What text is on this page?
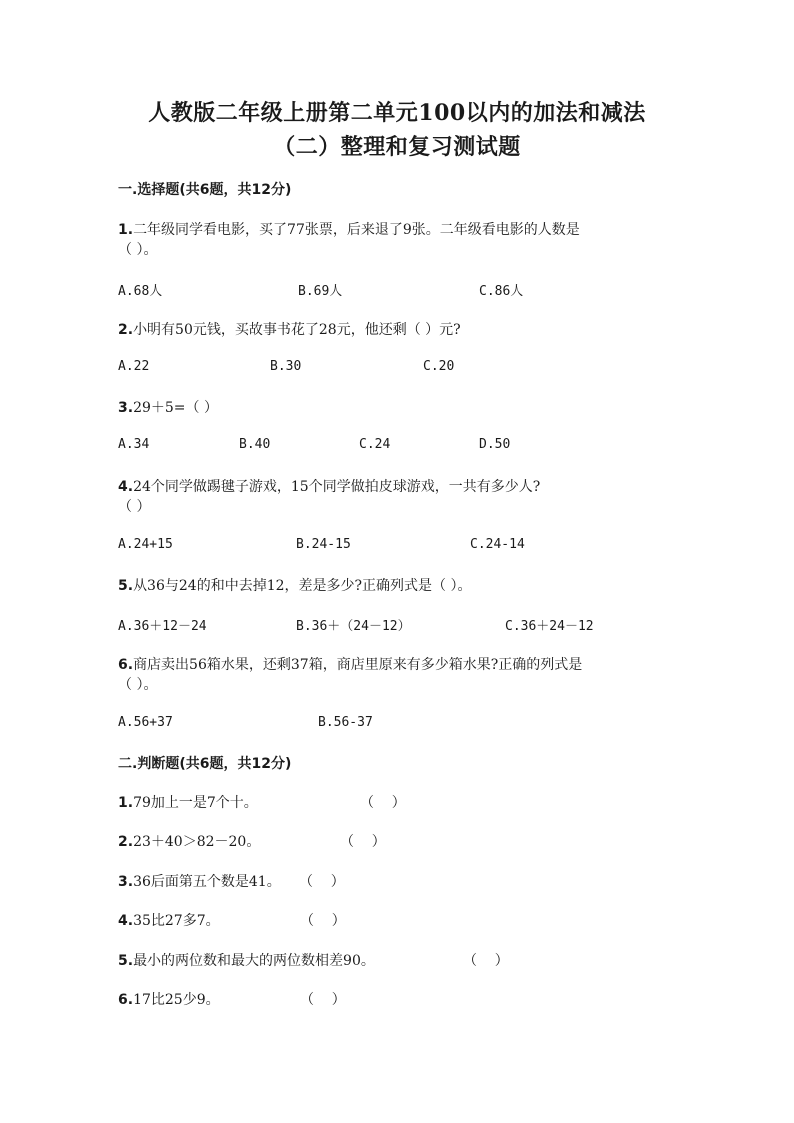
人教版二年级上册第二单元100以内的加法和减法
（二）整理和复习测试题
一.选择题(共6题，共12分)
1.二年级同学看电影，买了77张票，后来退了9张。二年级看电影的人数是
（ ）。
A.68人	B.69人	C.86人
2.小明有50元钱，买故事书花了28元，他还剩（ ）元?
A.22	B.30	C.20
3.29＋5=（ ）
A.34	B.40	C.24	D.50
4.24个同学做踢毽子游戏，15个同学做拍皮球游戏，一共有多少人?
（ ）
A.24+15	B.24-15	C.24-14
5.从36与24的和中去掉12，差是多少?正确列式是（ ）。
A.36＋12－24	B.36＋（24－12）	C.36＋24－12
6.商店卖出56箱水果，还剩37箱，商店里原来有多少箱水果?正确的列式是
（ ）。
A.56+37	B.56-37
二.判断题(共6题，共12分)
1.79加上一是7个十。	（    ）
2.23＋40＞82－20。	（    ）
3.36后面第五个数是41。 （    ）
4.35比27多7。	（    ）
5.最小的两位数和最大的两位数相差90。	（    ）
6.17比25少9。	（    ）
